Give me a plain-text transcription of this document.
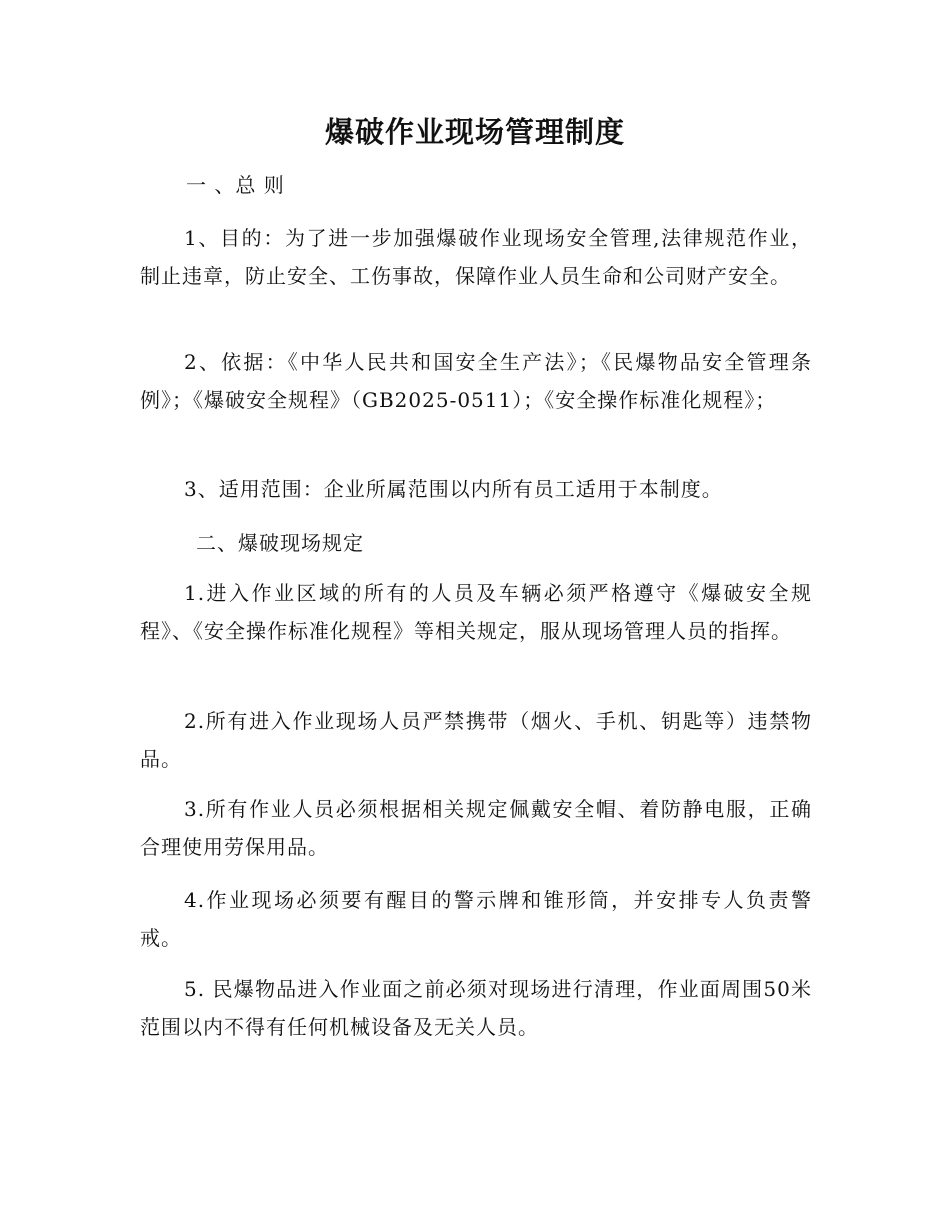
爆破作业现场管理制度
一 、总 则
1、目的：为了进一步加强爆破作业现场安全管理,法律规范作业，制止违章，防止安全、工伤事故，保障作业人员生命和公司财产安全。
2、依据：《中华人民共和国安全生产法》；《民爆物品安全管理条例》；《爆破安全规程》（GB2025-0511）；《安全操作标准化规程》；
3、适用范围：企业所属范围以内所有员工适用于本制度。
二、爆破现场规定
1.进入作业区域的所有的人员及车辆必须严格遵守《爆破安全规程》、《安全操作标准化规程》等相关规定，服从现场管理人员的指挥。
2.所有进入作业现场人员严禁携带（烟火、手机、钥匙等）违禁物品。
3.所有作业人员必须根据相关规定佩戴安全帽、着防静电服，正确合理使用劳保用品。
4.作业现场必须要有醒目的警示牌和锥形筒，并安排专人负责警戒。
5. 民爆物品进入作业面之前必须对现场进行清理，作业面周围50米范围以内不得有任何机械设备及无关人员。
